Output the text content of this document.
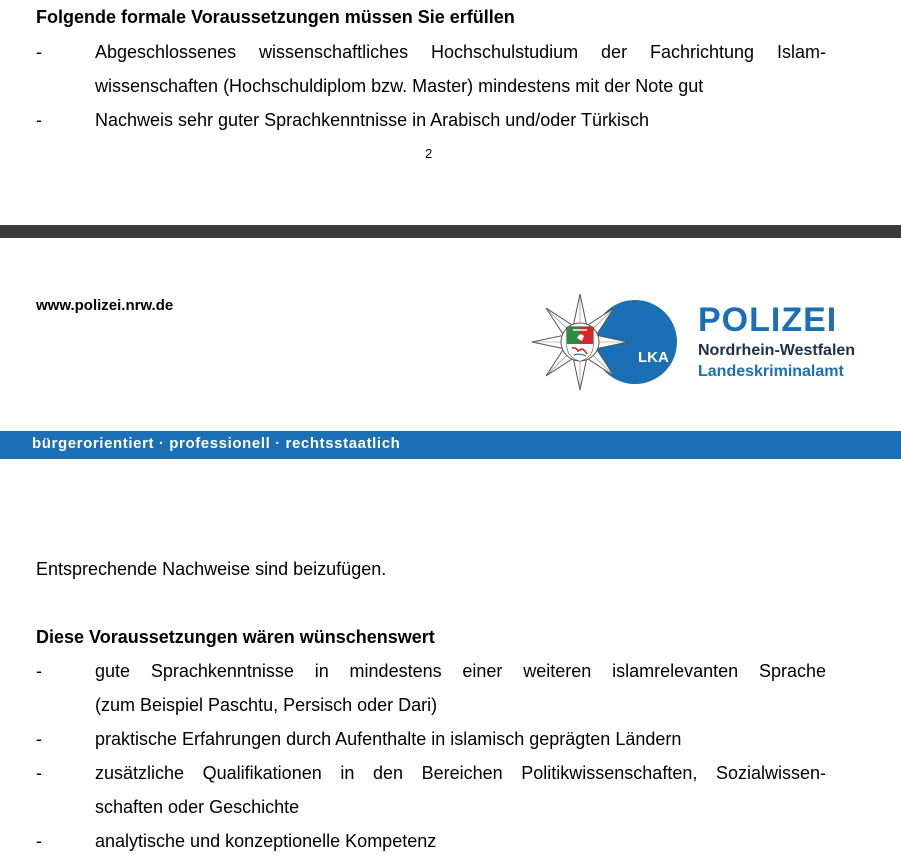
Folgende formale Voraussetzungen müssen Sie erfüllen
-	Abgeschlossenes wissenschaftliches Hochschulstudium der Fachrichtung Islam-
wissenschaften (Hochschuldiplom bzw. Master) mindestens mit der Note gut
-	Nachweis sehr guter Sprachkenntnisse in Arabisch und/oder Türkisch
2
www.polizei.nrw.de
LKA
POLIZEI
Nordrhein-Westfalen
Landeskriminalamt
bürgerorientiert · professionell · rechtsstaatlich
Entsprechende Nachweise sind beizufügen.
Diese Voraussetzungen wären wünschenswert
-	gute Sprachkenntnisse in mindestens einer weiteren islamrelevanten Sprache
(zum Beispiel Paschtu, Persisch oder Dari)
-	praktische Erfahrungen durch Aufenthalte in islamisch geprägten Ländern
-	zusätzliche Qualifikationen in den Bereichen Politikwissenschaften, Sozialwissen-
schaften oder Geschichte
-	analytische und konzeptionelle Kompetenz
